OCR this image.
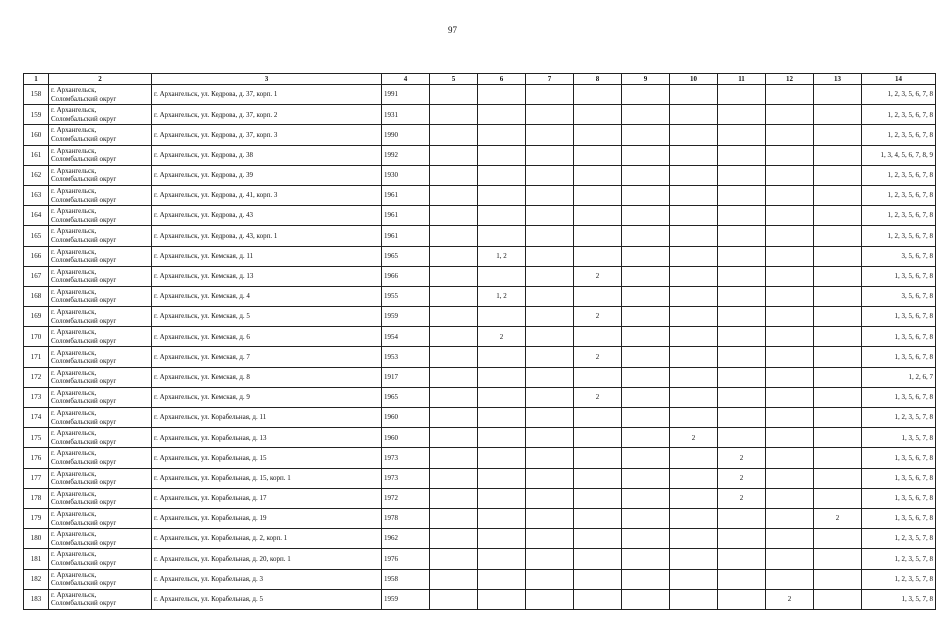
97
1	2	3	4	5	6	7	8	9	10	11	12	13	14
158	г. Архангельск,
Соломбальский округ	г. Архангельск, ул. Кедрова, д. 37, корп. 1	1991										1, 2, 3, 5, 6, 7, 8
159	г. Архангельск,
Соломбальский округ	г. Архангельск, ул. Кедрова, д. 37, корп. 2	1931										1, 2, 3, 5, 6, 7, 8
160	г. Архангельск,
Соломбальский округ	г. Архангельск, ул. Кедрова, д. 37, корп. 3	1990										1, 2, 3, 5, 6, 7, 8
161	г. Архангельск,
Соломбальский округ	г. Архангельск, ул. Кедрова, д. 38	1992										1, 3, 4, 5, 6, 7, 8, 9
162	г. Архангельск,
Соломбальский округ	г. Архангельск, ул. Кедрова, д. 39	1930										1, 2, 3, 5, 6, 7, 8
163	г. Архангельск,
Соломбальский округ	г. Архангельск, ул. Кедрова, д. 41, корп. 3	1961										1, 2, 3, 5, 6, 7, 8
164	г. Архангельск,
Соломбальский округ	г. Архангельск, ул. Кедрова, д. 43	1961										1, 2, 3, 5, 6, 7, 8
165	г. Архангельск,
Соломбальский округ	г. Архангельск, ул. Кедрова, д. 43, корп. 1	1961										1, 2, 3, 5, 6, 7, 8
166	г. Архангельск,
Соломбальский округ	г. Архангельск, ул. Кемская, д. 11	1965		1, 2								3, 5, 6, 7, 8
167	г. Архангельск,
Соломбальский округ	г. Архангельск, ул. Кемская, д. 13	1966				2						1, 3, 5, 6, 7, 8
168	г. Архангельск,
Соломбальский округ	г. Архангельск, ул. Кемская, д. 4	1955		1, 2								3, 5, 6, 7, 8
169	г. Архангельск,
Соломбальский округ	г. Архангельск, ул. Кемская, д. 5	1959				2						1, 3, 5, 6, 7, 8
170	г. Архангельск,
Соломбальский округ	г. Архангельск, ул. Кемская, д. 6	1954		2								1, 3, 5, 6, 7, 8
171	г. Архангельск,
Соломбальский округ	г. Архангельск, ул. Кемская, д. 7	1953				2						1, 3, 5, 6, 7, 8
172	г. Архангельск,
Соломбальский округ	г. Архангельск, ул. Кемская, д. 8	1917										1, 2, 6, 7
173	г. Архангельск,
Соломбальский округ	г. Архангельск, ул. Кемская, д. 9	1965				2						1, 3, 5, 6, 7, 8
174	г. Архангельск,
Соломбальский округ	г. Архангельск, ул. Корабельная, д. 11	1960										1, 2, 3, 5, 7, 8
175	г. Архангельск,
Соломбальский округ	г. Архангельск, ул. Корабельная, д. 13	1960						2				1, 3, 5, 7, 8
176	г. Архангельск,
Соломбальский округ	г. Архангельск, ул. Корабельная, д. 15	1973							2			1, 3, 5, 6, 7, 8
177	г. Архангельск,
Соломбальский округ	г. Архангельск, ул. Корабельная, д. 15, корп. 1	1973							2			1, 3, 5, 6, 7, 8
178	г. Архангельск,
Соломбальский округ	г. Архангельск, ул. Корабельная, д. 17	1972							2			1, 3, 5, 6, 7, 8
179	г. Архангельск,
Соломбальский округ	г. Архангельск, ул. Корабельная, д. 19	1978									2	1, 3, 5, 6, 7, 8
180	г. Архангельск,
Соломбальский округ	г. Архангельск, ул. Корабельная, д. 2, корп. 1	1962										1, 2, 3, 5, 7, 8
181	г. Архангельск,
Соломбальский округ	г. Архангельск, ул. Корабельная, д. 20, корп. 1	1976										1, 2, 3, 5, 7, 8
182	г. Архангельск,
Соломбальский округ	г. Архангельск, ул. Корабельная, д. 3	1958										1, 2, 3, 5, 7, 8
183	г. Архангельск,
Соломбальский округ	г. Архангельск, ул. Корабельная, д. 5	1959								2		1, 3, 5, 7, 8
